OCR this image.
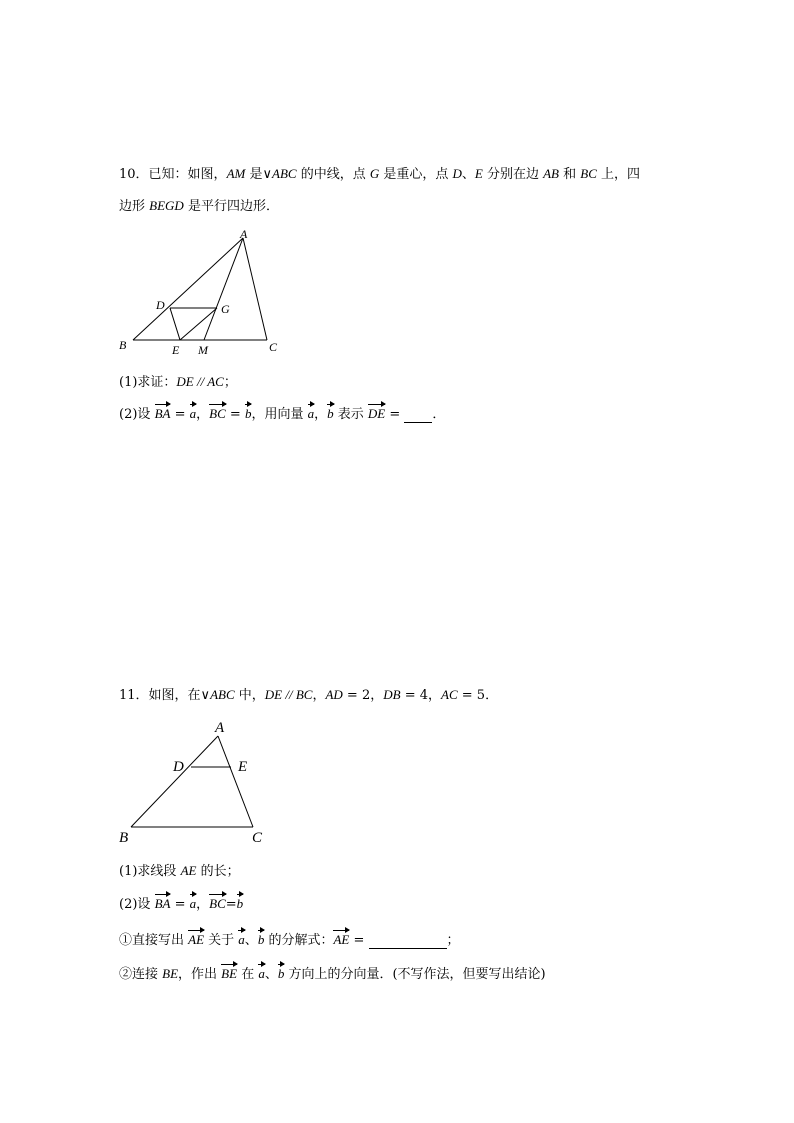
10．已知：如图，AM 是∨ABC 的中线，点 G 是重心，点 D、E 分别在边 AB 和 BC 上，四
边形 BEGD 是平行四边形．
A
B	C
D
E
G
M
(1)求证：DE // AC；
(2)设 BA = a，BC = b，用向量 a，b 表示 DE =  ．
11．如图，在∨ABC 中，DE // BC，AD = 2，DB = 4，AC = 5．
A
B	C
D	E
(1)求线段 AE 的长；
(2)设 BA = a，BC=b
①直接写出 AE 关于 a、b 的分解式：AE =	；
②连接 BE，作出 BE 在 a、b 方向上的分向量．(不写作法，但要写出结论)
